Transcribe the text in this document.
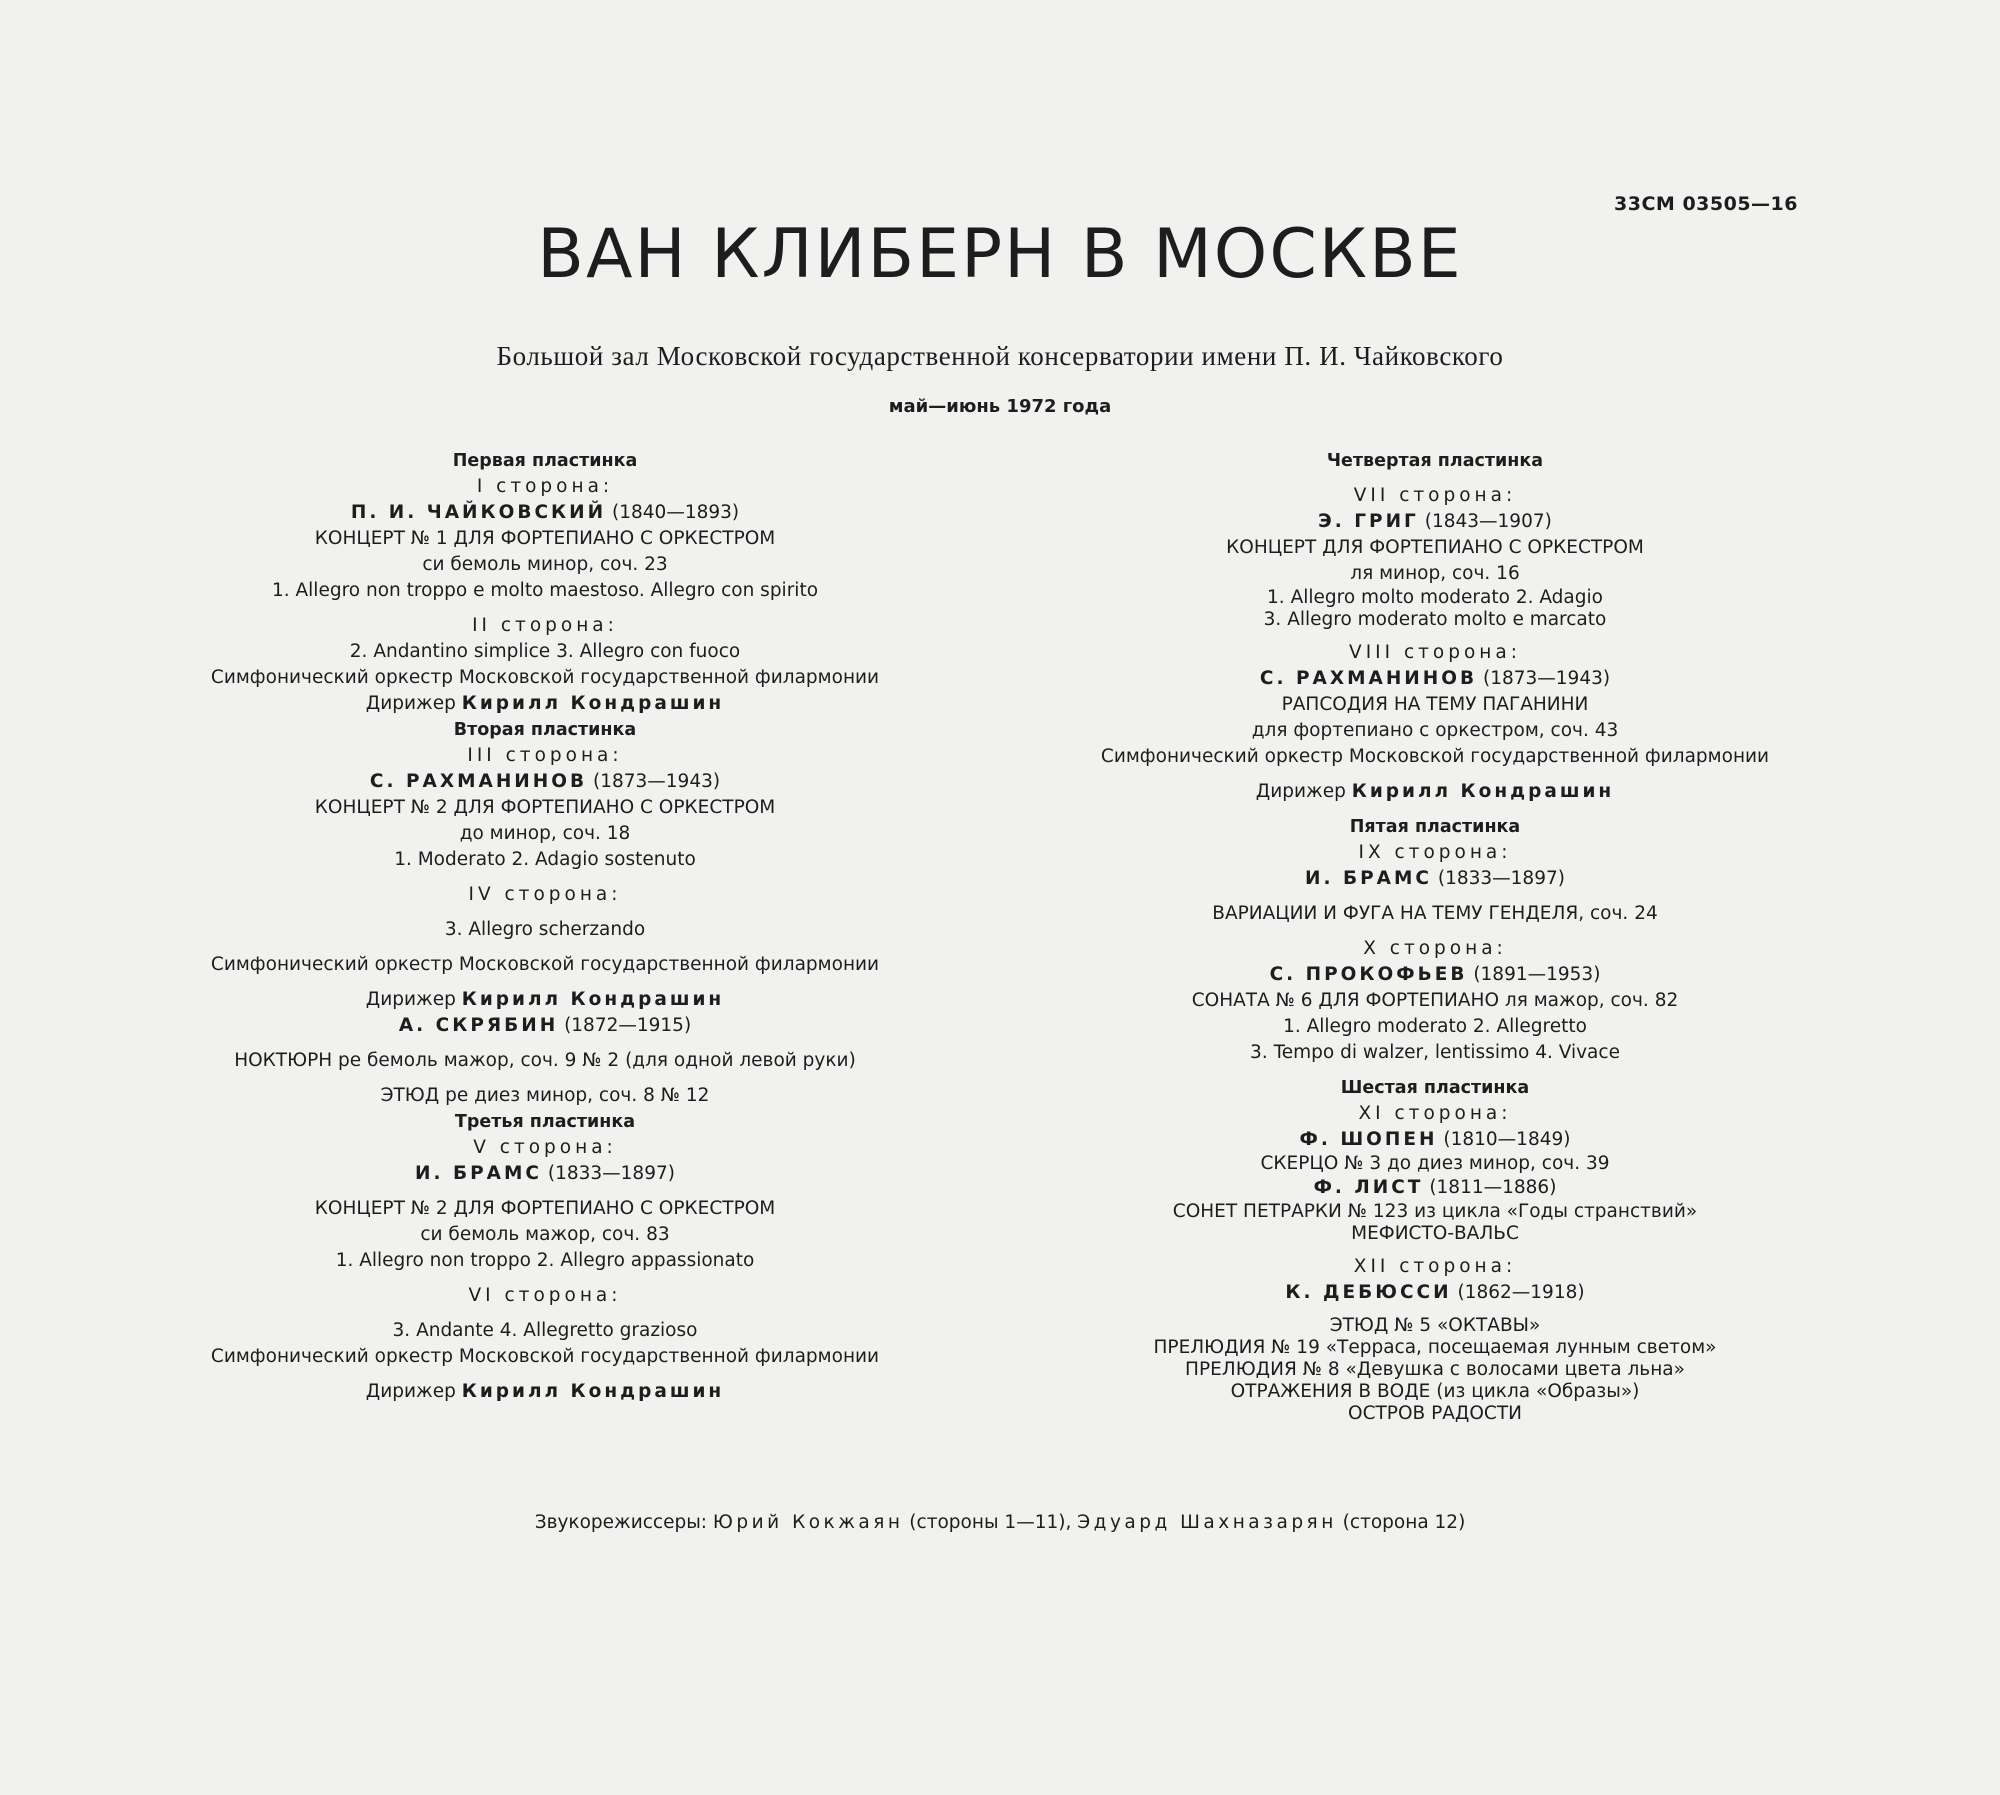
33СМ 03505—16
ВАН КЛИБЕРН В МОСКВЕ
Большой зал Московской государственной консерватории имени П. И. Чайковского
май—июнь 1972 года
Первая пластинка
I сторона:
П. И. ЧАЙКОВСКИЙ (1840—1893)
КОНЦЕРТ № 1 ДЛЯ ФОРТЕПИАНО С ОРКЕСТРОМ
си бемоль минор, соч. 23
1. Allegro non troppo e molto maestoso. Allegro con spirito
II сторона:
2. Andantino simplice 3. Allegro con fuoco
Симфонический оркестр Московской государственной филармонии
Дирижер Кирилл Кондрашин
Вторая пластинка
III сторона:
С. РАХМАНИНОВ (1873—1943)
КОНЦЕРТ № 2 ДЛЯ ФОРТЕПИАНО С ОРКЕСТРОМ
до минор, соч. 18
1. Moderato 2. Adagio sostenuto
IV сторона:
3. Allegro scherzando
Симфонический оркестр Московской государственной филармонии
Дирижер Кирилл Кондрашин
А. СКРЯБИН (1872—1915)
НОКТЮРН ре бемоль мажор, соч. 9 № 2 (для одной левой руки)
ЭТЮД ре диез минор, соч. 8 № 12
Третья пластинка
V сторона:
И. БРАМС (1833—1897)
КОНЦЕРТ № 2 ДЛЯ ФОРТЕПИАНО С ОРКЕСТРОМ
си бемоль мажор, соч. 83
1. Allegro non troppo 2. Allegro appassionato
VI сторона:
3. Andante 4. Allegretto grazioso
Симфонический оркестр Московской государственной филармонии
Дирижер Кирилл Кондрашин
Четвертая пластинка
VII сторона:
Э. ГРИГ (1843—1907)
КОНЦЕРТ ДЛЯ ФОРТЕПИАНО С ОРКЕСТРОМ
ля минор, соч. 16
1. Allegro molto moderato 2. Adagio
3. Allegro moderato molto e marcato
VIII сторона:
С. РАХМАНИНОВ (1873—1943)
РАПСОДИЯ НА ТЕМУ ПАГАНИНИ
для фортепиано с оркестром, соч. 43
Симфонический оркестр Московской государственной филармонии
Дирижер Кирилл Кондрашин
Пятая пластинка
IX сторона:
И. БРАМС (1833—1897)
ВАРИАЦИИ И ФУГА НА ТЕМУ ГЕНДЕЛЯ, соч. 24
X сторона:
С. ПРОКОФЬЕВ (1891—1953)
СОНАТА № 6 ДЛЯ ФОРТЕПИАНО ля мажор, соч. 82
1. Allegro moderato 2. Allegretto
3. Tempo di walzer, lentissimo 4. Vivace
Шестая пластинка
XI сторона:
Ф. ШОПЕН (1810—1849)
СКЕРЦО № 3 до диез минор, соч. 39
Ф. ЛИСТ (1811—1886)
СОНЕТ ПЕТРАРКИ № 123 из цикла «Годы странствий»
МЕФИСТО-ВАЛЬС
XII сторона:
К. ДЕБЮССИ (1862—1918)
ЭТЮД № 5 «ОКТАВЫ»
ПРЕЛЮДИЯ № 19 «Терраса, посещаемая лунным светом»
ПРЕЛЮДИЯ № 8 «Девушка с волосами цвета льна»
ОТРАЖЕНИЯ В ВОДЕ (из цикла «Образы»)
ОСТРОВ РАДОСТИ
Звукорежиссеры: Юрий Кокжаян (стороны 1—11), Эдуард Шахназарян (сторона 12)
